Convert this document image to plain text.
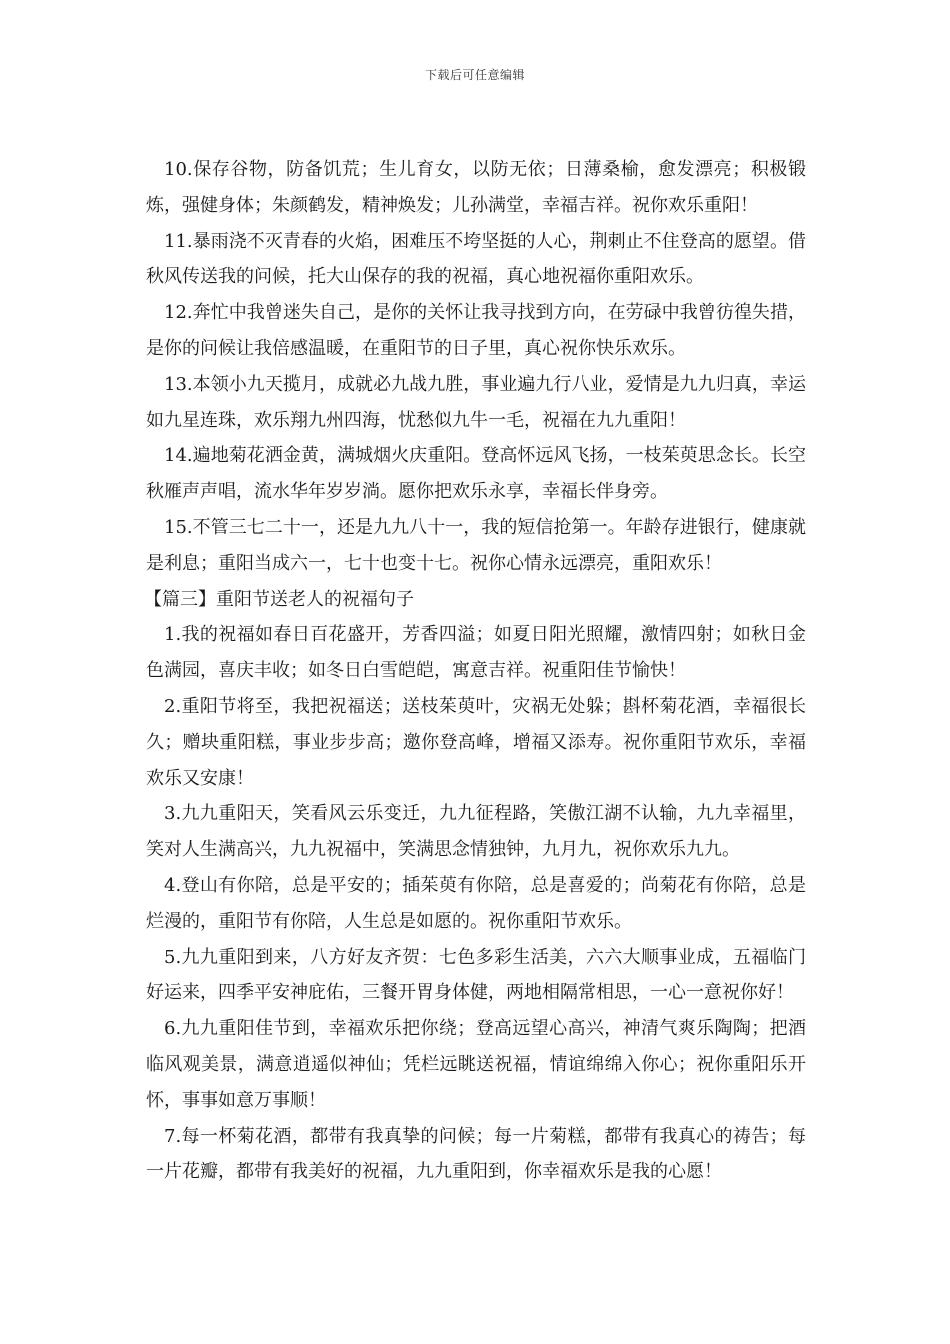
下载后可任意编辑

10.保存谷物，防备饥荒；生儿育女，以防无依；日薄桑榆，愈发漂亮；积极锻炼，强健身体；朱颜鹤发，精神焕发；儿孙满堂，幸福吉祥。祝你欢乐重阳！

11.暴雨浇不灭青春的火焰，困难压不垮坚挺的人心，荆刺止不住登高的愿望。借秋风传送我的问候，托大山保存的我的祝福，真心地祝福你重阳欢乐。

12.奔忙中我曾迷失自己，是你的关怀让我寻找到方向，在劳碌中我曾彷徨失措，是你的问候让我倍感温暖，在重阳节的日子里，真心祝你快乐欢乐。

13.本领小九天揽月，成就必九战九胜，事业遍九行八业，爱情是九九归真，幸运如九星连珠，欢乐翔九州四海，忧愁似九牛一毛，祝福在九九重阳！

14.遍地菊花洒金黄，满城烟火庆重阳。登高怀远风飞扬，一枝茱萸思念长。长空秋雁声声唱，流水华年岁岁淌。愿你把欢乐永享，幸福长伴身旁。

15.不管三七二十一，还是九九八十一，我的短信抢第一。年龄存进银行，健康就是利息；重阳当成六一，七十也变十七。祝你心情永远漂亮，重阳欢乐！

【篇三】重阳节送老人的祝福句子

1.我的祝福如春日百花盛开，芳香四溢；如夏日阳光照耀，激情四射；如秋日金色满园，喜庆丰收；如冬日白雪皑皑，寓意吉祥。祝重阳佳节愉快！

2.重阳节将至，我把祝福送；送枝茱萸叶，灾祸无处躲；斟杯菊花酒，幸福很长久；赠块重阳糕，事业步步高；邀你登高峰，增福又添寿。祝你重阳节欢乐，幸福欢乐又安康！

3.九九重阳天，笑看风云乐变迁，九九征程路，笑傲江湖不认输，九九幸福里，笑对人生满高兴，九九祝福中，笑满思念情独钟，九月九，祝你欢乐九九。

4.登山有你陪，总是平安的；插茱萸有你陪，总是喜爱的；尚菊花有你陪，总是烂漫的，重阳节有你陪，人生总是如愿的。祝你重阳节欢乐。

5.九九重阳到来，八方好友齐贺：七色多彩生活美，六六大顺事业成，五福临门好运来，四季平安神庇佑，三餐开胃身体健，两地相隔常相思，一心一意祝你好！

6.九九重阳佳节到，幸福欢乐把你绕；登高远望心高兴，神清气爽乐陶陶；把酒临风观美景，满意逍遥似神仙；凭栏远眺送祝福，情谊绵绵入你心；祝你重阳乐开怀，事事如意万事顺！

7.每一杯菊花酒，都带有我真挚的问候；每一片菊糕，都带有我真心的祷告；每一片花瓣，都带有我美好的祝福，九九重阳到，你幸福欢乐是我的心愿！
